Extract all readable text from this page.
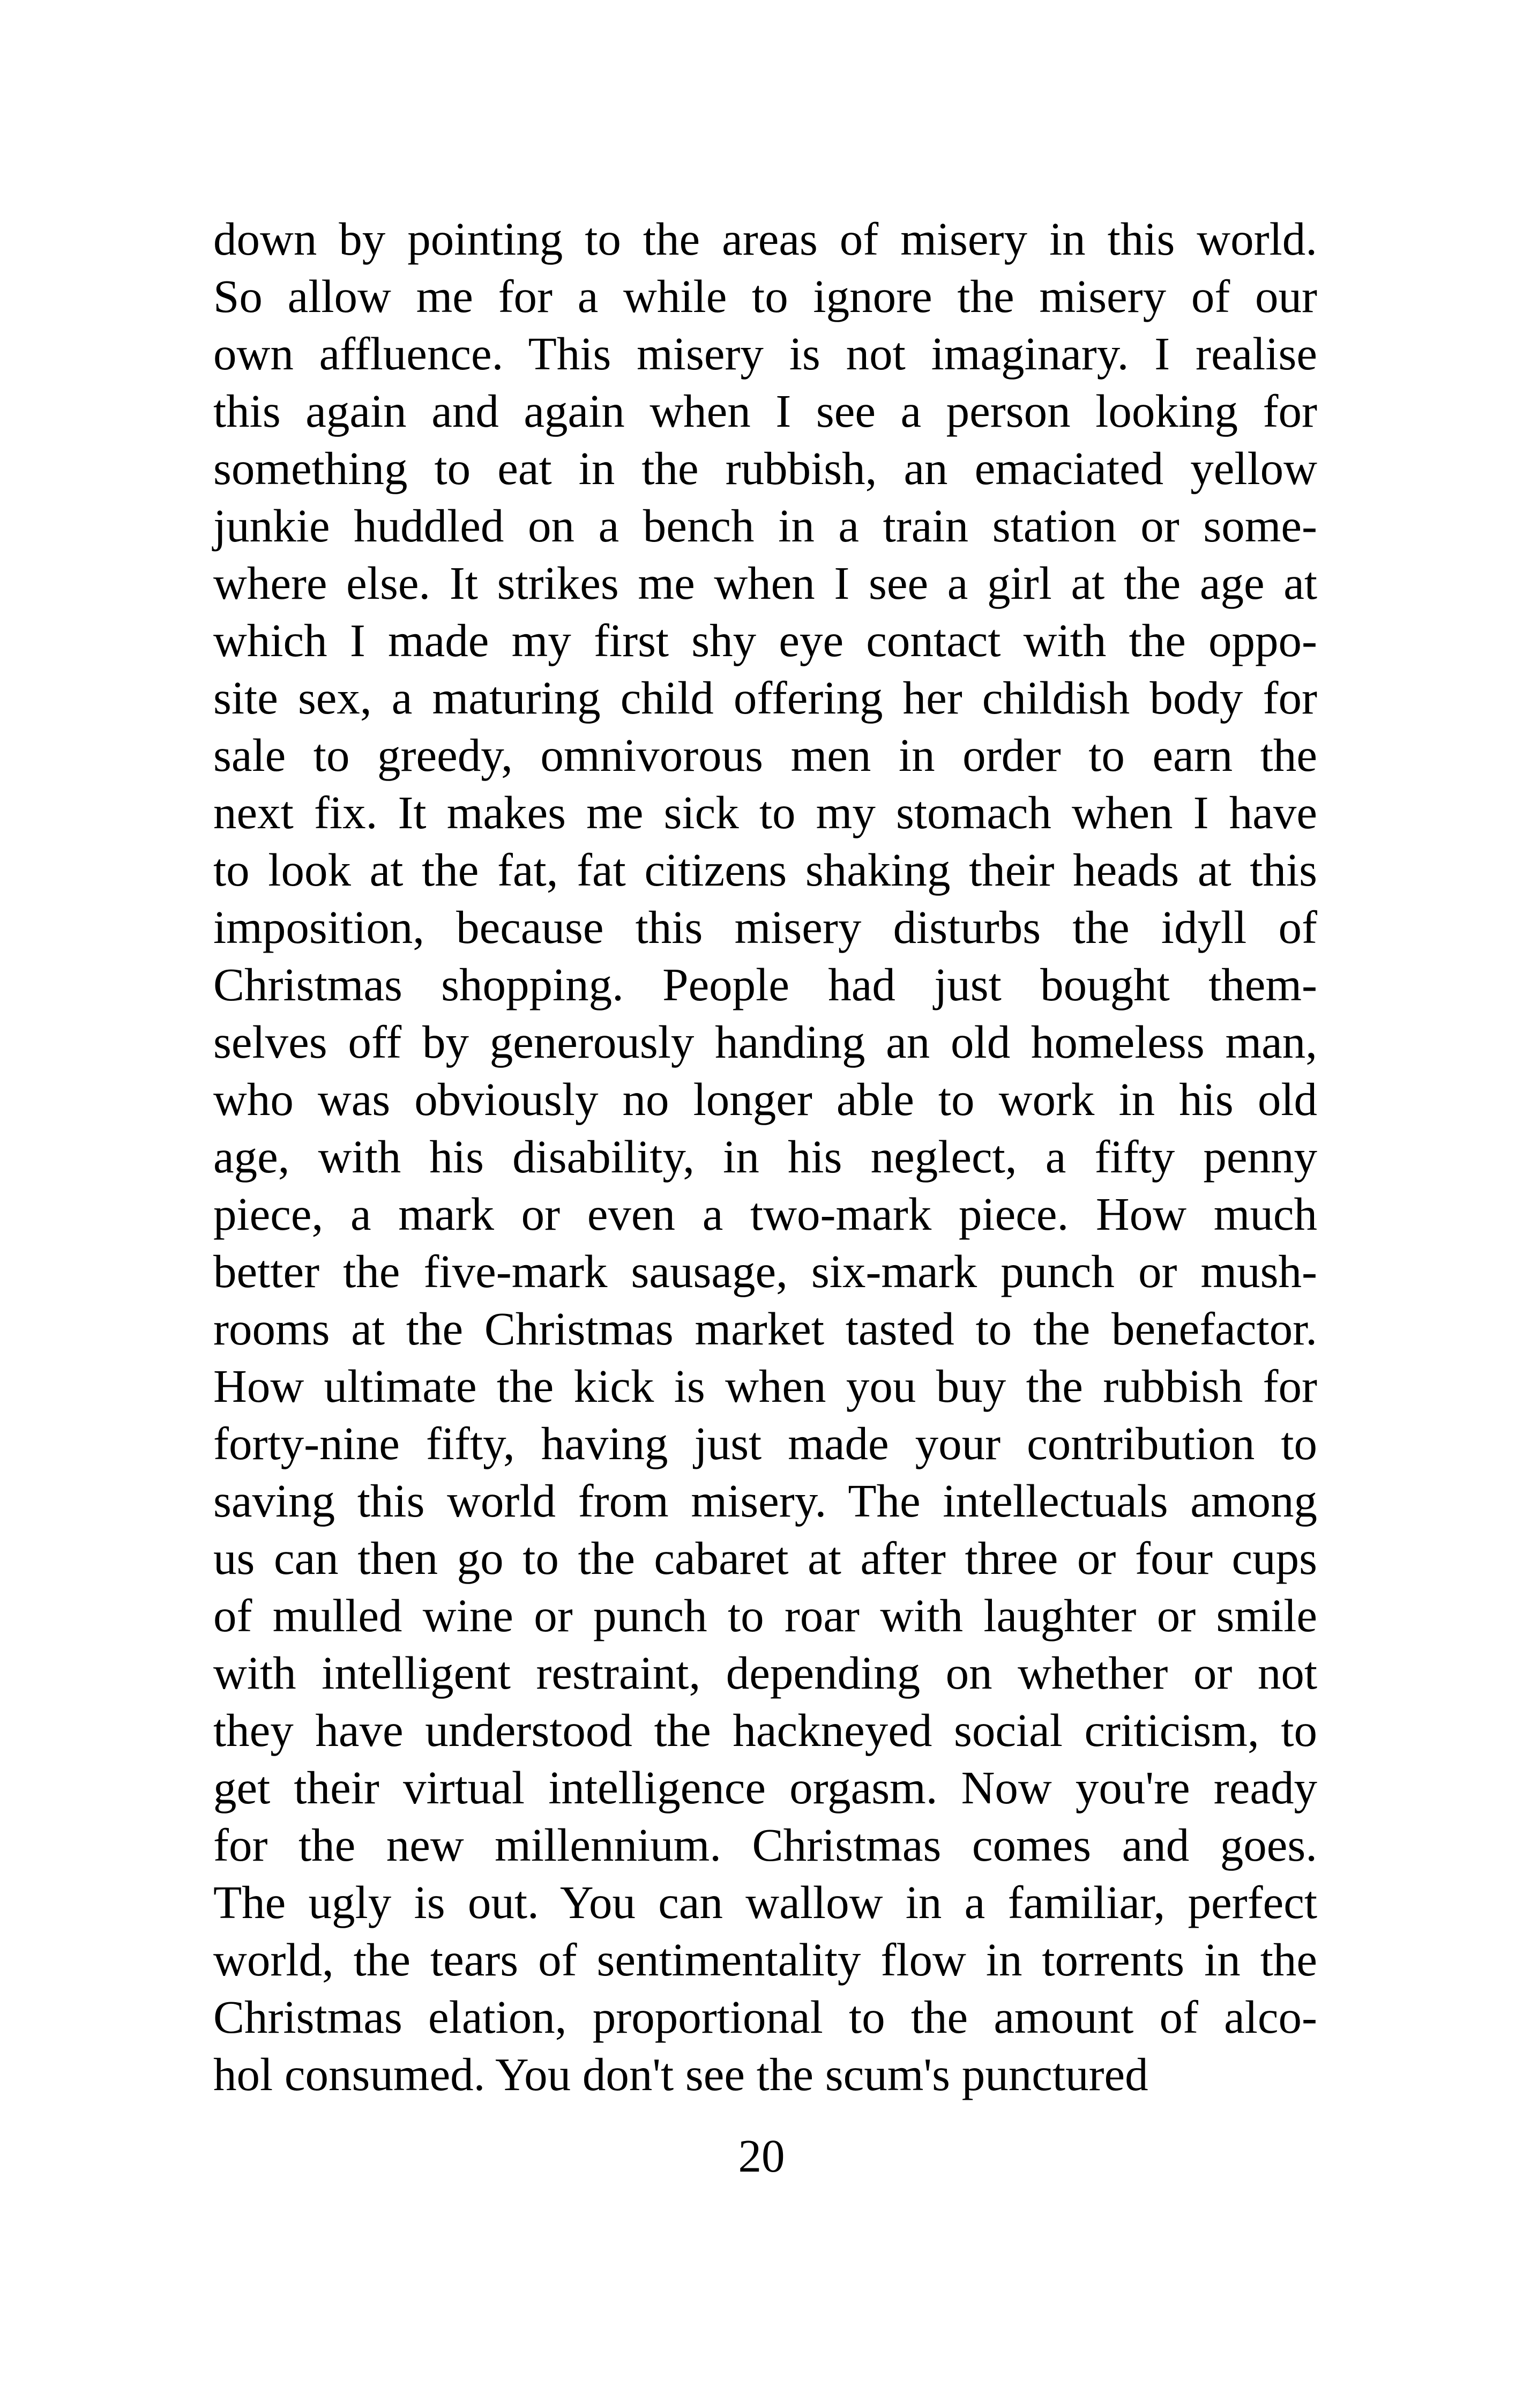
down by pointing to the areas of misery in this world.
So allow me for a while to ignore the misery of our
own affluence. This misery is not imaginary. I realise
this again and again when I see a person looking for
something to eat in the rubbish, an emaciated yellow
junkie huddled on a bench in a train station or some-
where else. It strikes me when I see a girl at the age at
which I made my first shy eye contact with the oppo-
site sex, a maturing child offering her childish body for
sale to greedy, omnivorous men in order to earn the
next fix. It makes me sick to my stomach when I have
to look at the fat, fat citizens shaking their heads at this
imposition, because this misery disturbs the idyll of
Christmas shopping. People had just bought them-
selves off by generously handing an old homeless man,
who was obviously no longer able to work in his old
age, with his disability, in his neglect, a fifty penny
piece, a mark or even a two-mark piece. How much
better the five-mark sausage, six-mark punch or mush-
rooms at the Christmas market tasted to the benefactor.
How ultimate the kick is when you buy the rubbish for
forty-nine fifty, having just made your contribution to
saving this world from misery. The intellectuals among
us can then go to the cabaret at after three or four cups
of mulled wine or punch to roar with laughter or smile
with intelligent restraint, depending on whether or not
they have understood the hackneyed social criticism, to
get their virtual intelligence orgasm. Now you're ready
for the new millennium. Christmas comes and goes.
The ugly is out. You can wallow in a familiar, perfect
world, the tears of sentimentality flow in torrents in the
Christmas elation, proportional to the amount of alco-
hol consumed. You don't see the scum's punctured
20
